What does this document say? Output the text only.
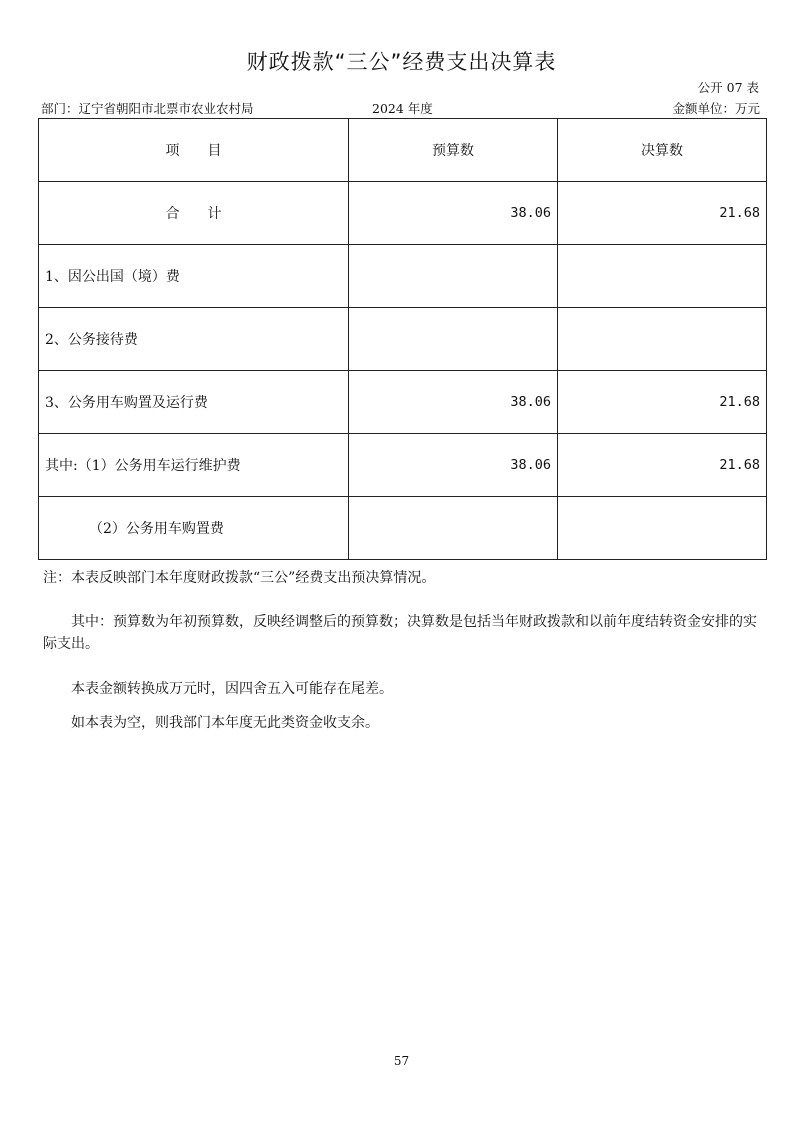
财政拨款“三公”经费支出决算表
公开 07 表
部门：辽宁省朝阳市北票市农业农村局	2024 年度	金额单位：万元
项　　目	预算数	决算数
合　　计	38.06	21.68
1、因公出国（境）费		
2、公务接待费		
3、公务用车购置及运行费	38.06	21.68
其中:（1）公务用车运行维护费	38.06	21.68
（2）公务用车购置费		
注：本表反映部门本年度财政拨款“三公”经费支出预决算情况。
其中：预算数为年初预算数，反映经调整后的预算数；决算数是包括当年财政拨款和以前年度结转资金安排的实际支出。
本表金额转换成万元时，因四舍五入可能存在尾差。
如本表为空，则我部门本年度无此类资金收支余。
57
